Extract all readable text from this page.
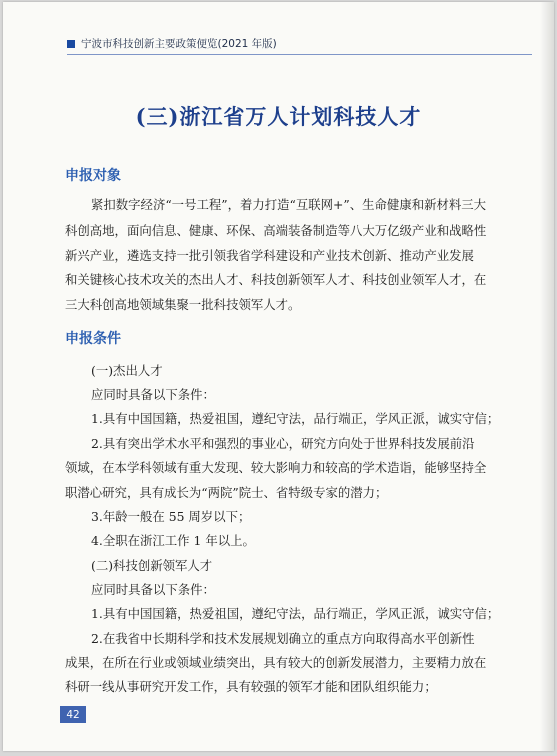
宁波市科技创新主要政策便览(2021 年版)
(三)浙江省万人计划科技人才
申报对象
紧扣数字经济“一号工程”，着力打造“互联网+”、生命健康和新材料三大
科创高地，面向信息、健康、环保、高端装备制造等八大万亿级产业和战略性
新兴产业，遴选支持一批引领我省学科建设和产业技术创新、推动产业发展
和关键核心技术攻关的杰出人才、科技创新领军人才、科技创业领军人才，在
三大科创高地领域集聚一批科技领军人才。
申报条件
(一)杰出人才
应同时具备以下条件：
1.具有中国国籍，热爱祖国，遵纪守法，品行端正，学风正派，诚实守信；
2.具有突出学术水平和强烈的事业心，研究方向处于世界科技发展前沿
领域，在本学科领域有重大发现、较大影响力和较高的学术造诣，能够坚持全
职潜心研究，具有成长为“两院”院士、省特级专家的潜力；
3.年龄一般在 55 周岁以下；
4.全职在浙江工作 1 年以上。
(二)科技创新领军人才
应同时具备以下条件：
1.具有中国国籍，热爱祖国，遵纪守法，品行端正，学风正派，诚实守信；
2.在我省中长期科学和技术发展规划确立的重点方向取得高水平创新性
成果，在所在行业或领域业绩突出，具有较大的创新发展潜力，主要精力放在
科研一线从事研究开发工作，具有较强的领军才能和团队组织能力；
42
